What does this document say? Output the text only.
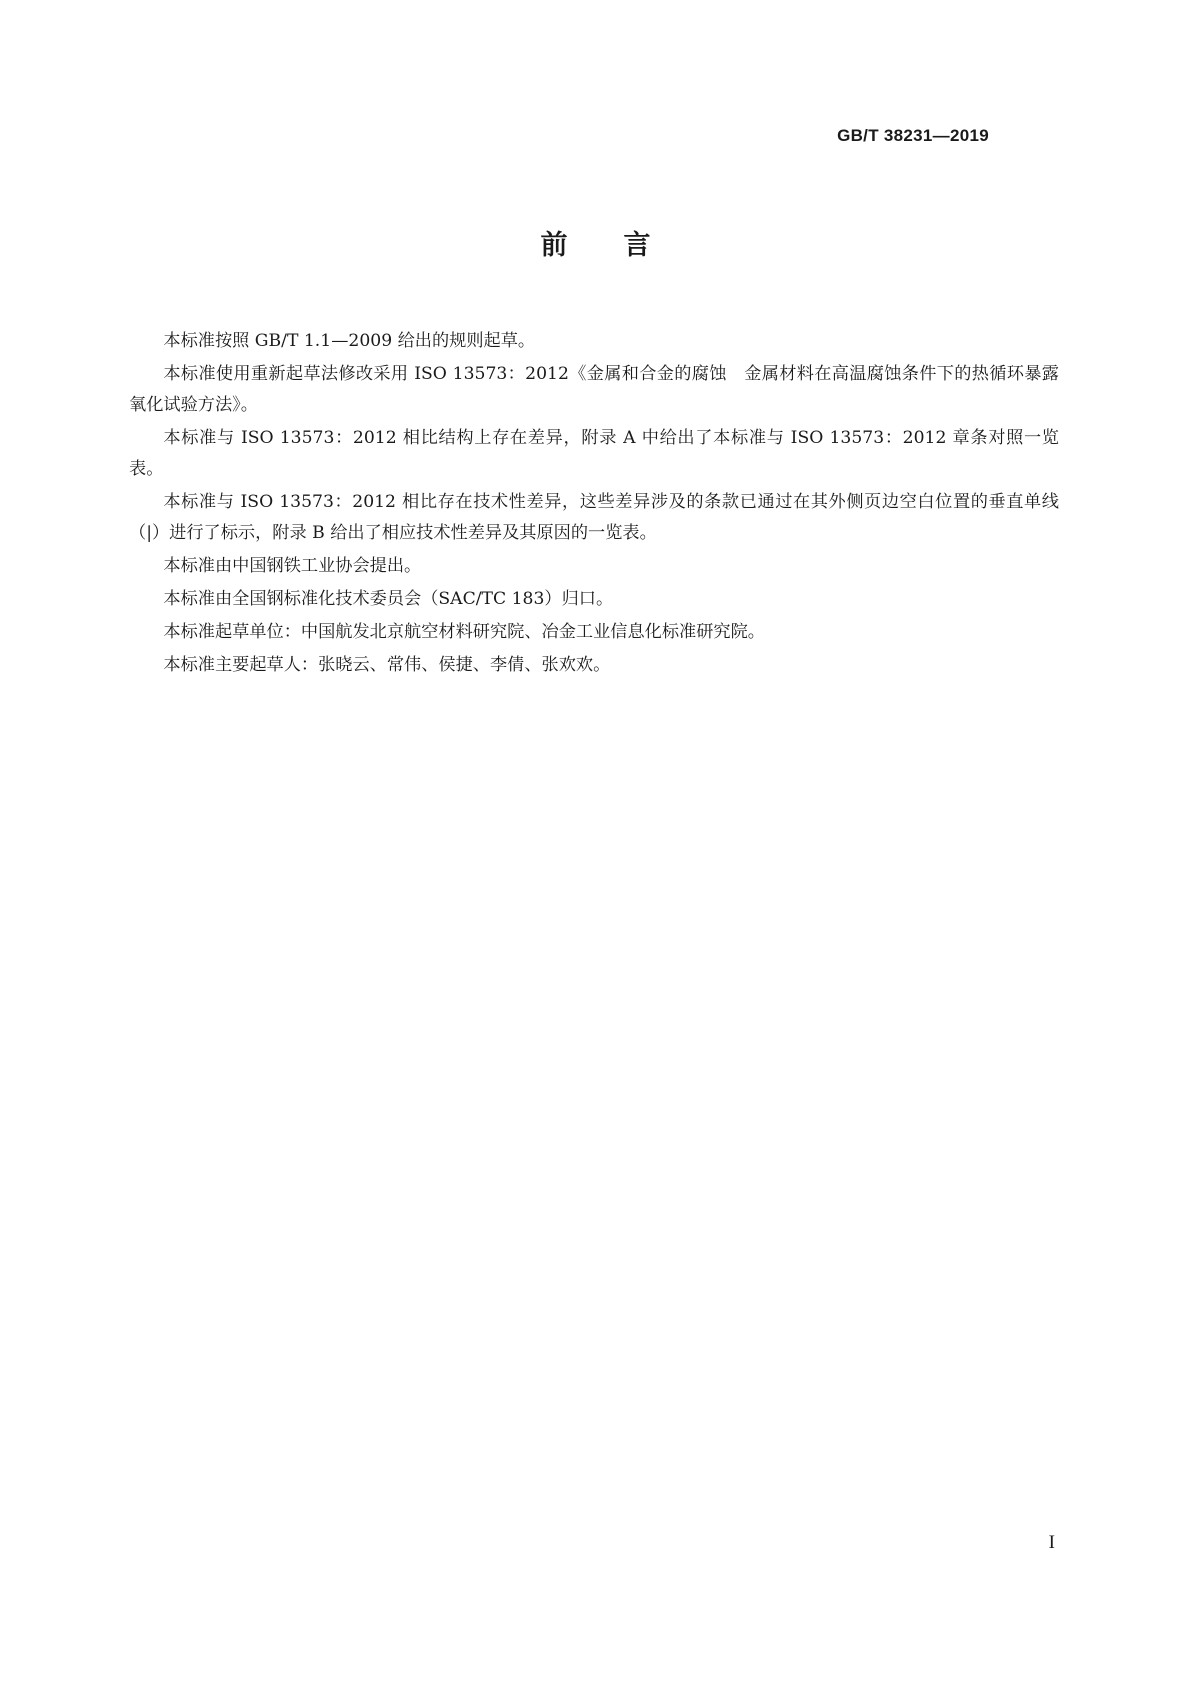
GB/T 38231—2019
前言

本标准按照 GB/T 1.1—2009 给出的规则起草。

本标准使用重新起草法修改采用 ISO 13573：2012《金属和合金的腐蚀　金属材料在高温腐蚀条件下的热循环暴露氧化试验方法》。

本标准与 ISO 13573：2012 相比结构上存在差异，附录 A 中给出了本标准与 ISO 13573：2012 章条对照一览表。

本标准与 ISO 13573：2012 相比存在技术性差异，这些差异涉及的条款已通过在其外侧页边空白位置的垂直单线（|）进行了标示，附录 B 给出了相应技术性差异及其原因的一览表。

本标准由中国钢铁工业协会提出。

本标准由全国钢标准化技术委员会（SAC/TC 183）归口。

本标准起草单位：中国航发北京航空材料研究院、冶金工业信息化标准研究院。

本标准主要起草人：张晓云、常伟、侯捷、李倩、张欢欢。

I
